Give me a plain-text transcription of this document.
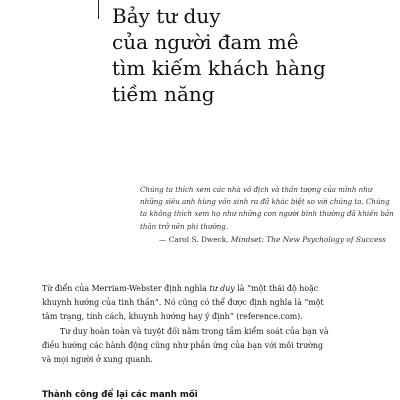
Bảy tư duy
của người đam mê
tìm kiếm khách hàng
tiềm năng

Chúng ta thích xem các nhà vô địch và thần tượng của mình như
những siêu anh hùng vốn sinh ra đã khác biệt so với chúng ta. Chúng
ta không thích xem họ như những con người bình thường đã khiến bản
thân trở nên phi thường.

— Carol S. Dweck, Mindset: The New Psychology of Success

Từ điển của Merriam-Webster định nghĩa tư duy là “một thái độ hoặc
khuynh hướng của tinh thần”. Nó cũng có thể được định nghĩa là “một
tâm trạng, tính cách, khuynh hướng hay ý định” (reference.com).

Tư duy hoàn toàn và tuyệt đối nằm trong tầm kiểm soát của bạn và
điều hướng các hành động cũng như phản ứng của bạn với môi trường
và mọi người ở xung quanh.

Thành công để lại các manh mối
